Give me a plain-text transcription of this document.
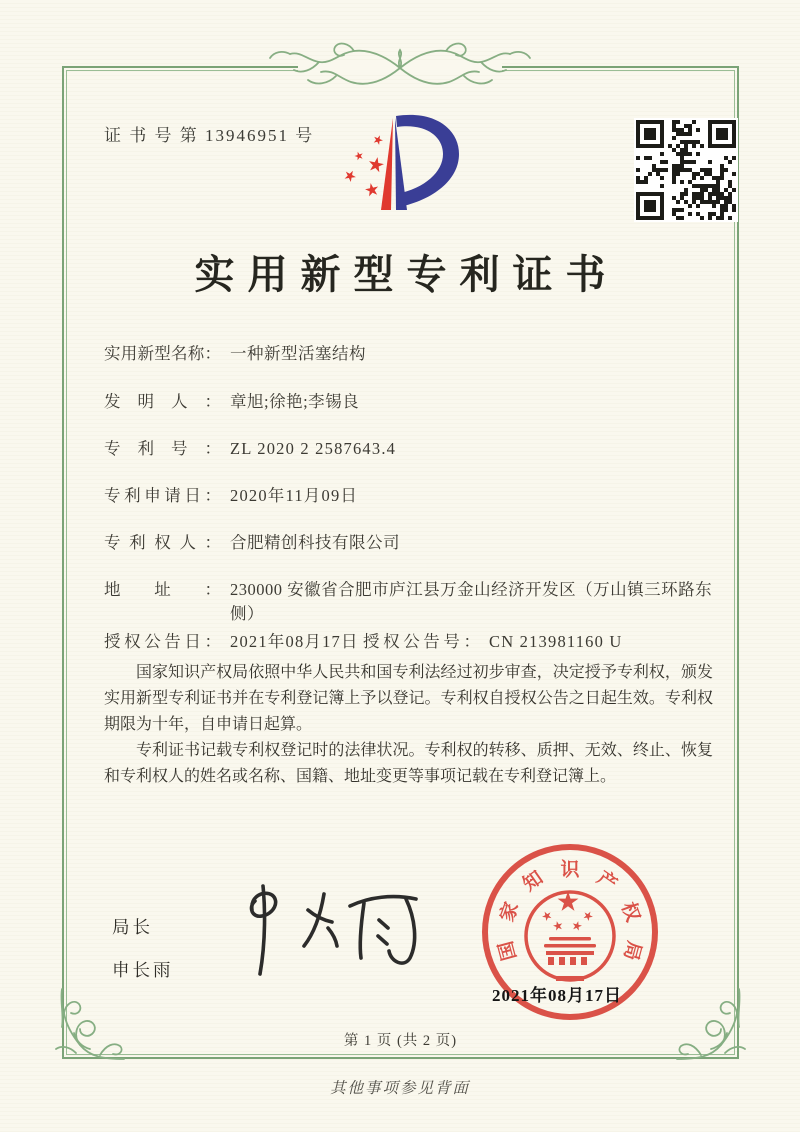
证 书 号 第 13946951 号
实用新型专利证书
实用新型名称： 一种新型活塞结构
发明人： 章旭;徐艳;李锡良
专利号： ZL 2020 2 2587643.4
专利申请日： 2020年11月09日
专利权人： 合肥精创科技有限公司
地址： 230000 安徽省合肥市庐江县万金山经济开发区（万山镇三环路东侧）
授权公告日： 2021年08月17日 授权公告号： CN 213981160 U

国家知识产权局依照中华人民共和国专利法经过初步审查，决定授予专利权，颁发实用新型专利证书并在专利登记簿上予以登记。专利权自授权公告之日起生效。专利权期限为十年，自申请日起算。

专利证书记载专利权登记时的法律状况。专利权的转移、质押、无效、终止、恢复和专利权人的姓名或名称、国籍、地址变更等事项记载在专利登记簿上。

局长
申长雨
国
家
知 识 产
权
局
2021年08月17日
第 1 页 (共 2 页)
其他事项参见背面
